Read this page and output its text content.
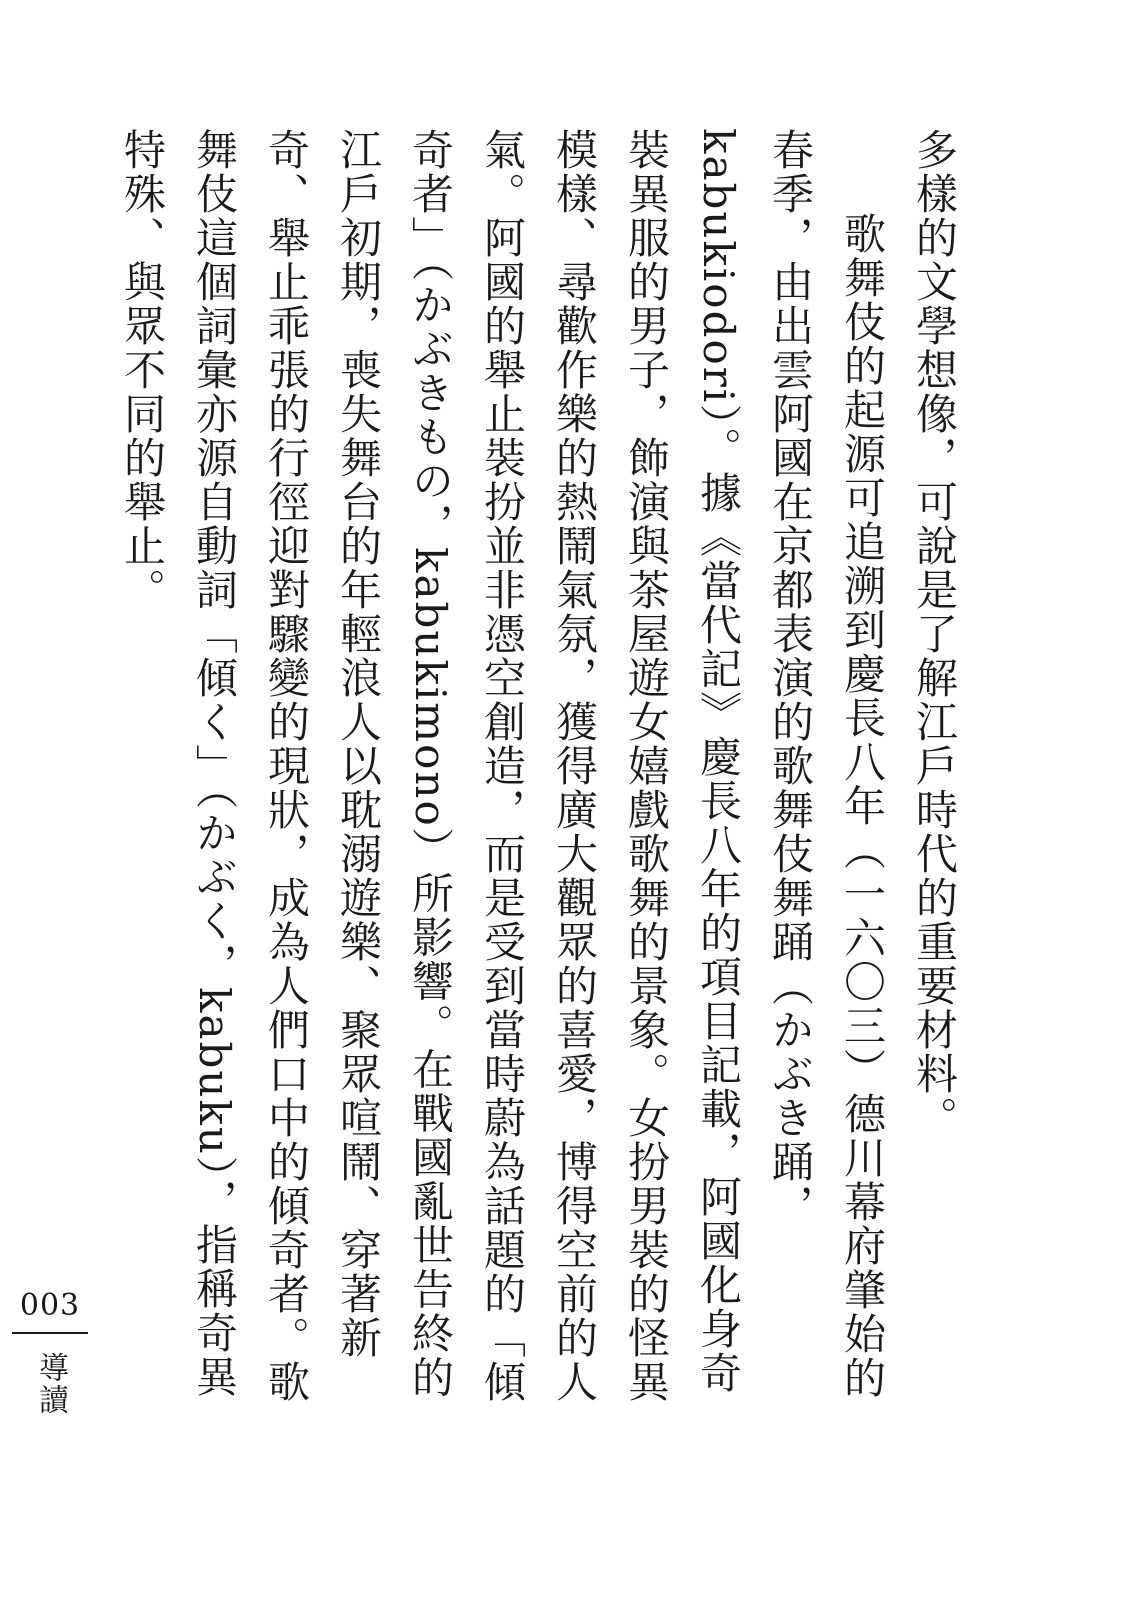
多樣的文學想像，可說是了解江戶時代的重要材料。

歌舞伎的起源可追溯到慶長八年（一六〇三）德川幕府肇始的春季，由出雲阿國在京都表演的歌舞伎舞踊（かぶき踊，kabukiodori）。據《當代記》慶長八年的項目記載，阿國化身奇裝異服的男子，飾演與茶屋遊女嬉戲歌舞的景象。女扮男裝的怪異模樣、尋歡作樂的熱鬧氣氛，獲得廣大觀眾的喜愛，博得空前的人氣。阿國的舉止裝扮並非憑空創造，而是受到當時蔚為話題的「傾奇者」（かぶきもの，kabukimono）所影響。在戰國亂世告終的江戶初期，喪失舞台的年輕浪人以耽溺遊樂、聚眾喧鬧、穿著新奇、舉止乖張的行徑迎對驟變的現狀，成為人們口中的傾奇者。歌舞伎這個詞彙亦源自動詞「傾く」（かぶく，kabuku），指稱奇異特殊、與眾不同的舉止。

003
導讀
